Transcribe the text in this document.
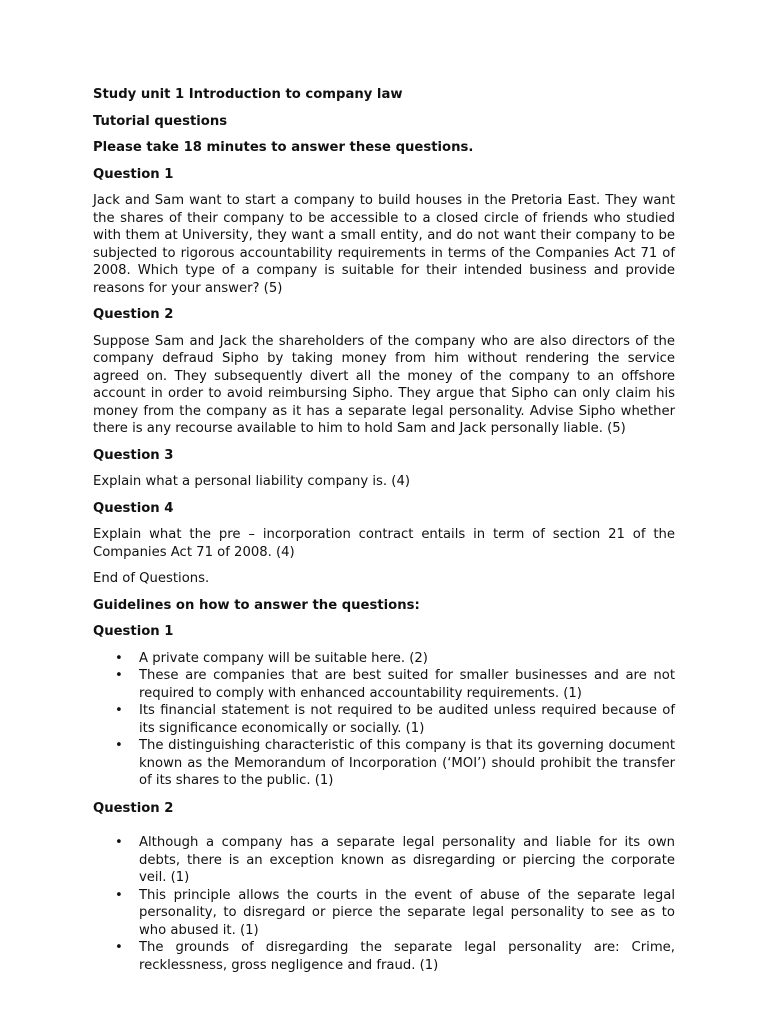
Study unit 1 Introduction to company law

Tutorial questions

Please take 18 minutes to answer these questions.

Question 1

Jack and Sam want to start a company to build houses in the Pretoria East. They want the shares of their company to be accessible to a closed circle of friends who studied with them at University, they want a small entity, and do not want their company to be subjected to rigorous accountability requirements in terms of the Companies Act 71 of 2008. Which type of a company is suitable for their intended business and provide reasons for your answer? (5)

Question 2

Suppose Sam and Jack the shareholders of the company who are also directors of the company defraud Sipho by taking money from him without rendering the service agreed on. They subsequently divert all the money of the company to an offshore account in order to avoid reimbursing Sipho. They argue that Sipho can only claim his money from the company as it has a separate legal personality. Advise Sipho whether there is any recourse available to him to hold Sam and Jack personally liable. (5)

Question 3

Explain what a personal liability company is. (4)

Question 4

Explain what the pre – incorporation contract entails in term of section 21 of the Companies Act 71 of 2008. (4)

End of Questions.

Guidelines on how to answer the questions:

Question 1

• A private company will be suitable here. (2)
• These are companies that are best suited for smaller businesses and are not required to comply with enhanced accountability requirements. (1)
• Its financial statement is not required to be audited unless required because of its significance economically or socially. (1)
• The distinguishing characteristic of this company is that its governing document known as the Memorandum of Incorporation (‘MOI’) should prohibit the transfer of its shares to the public. (1)

Question 2

• Although a company has a separate legal personality and liable for its own debts, there is an exception known as disregarding or piercing the corporate veil. (1)
• This principle allows the courts in the event of abuse of the separate legal personality, to disregard or pierce the separate legal personality to see as to who abused it. (1)
• The grounds of disregarding the separate legal personality are: Crime, recklessness, gross negligence and fraud. (1)
